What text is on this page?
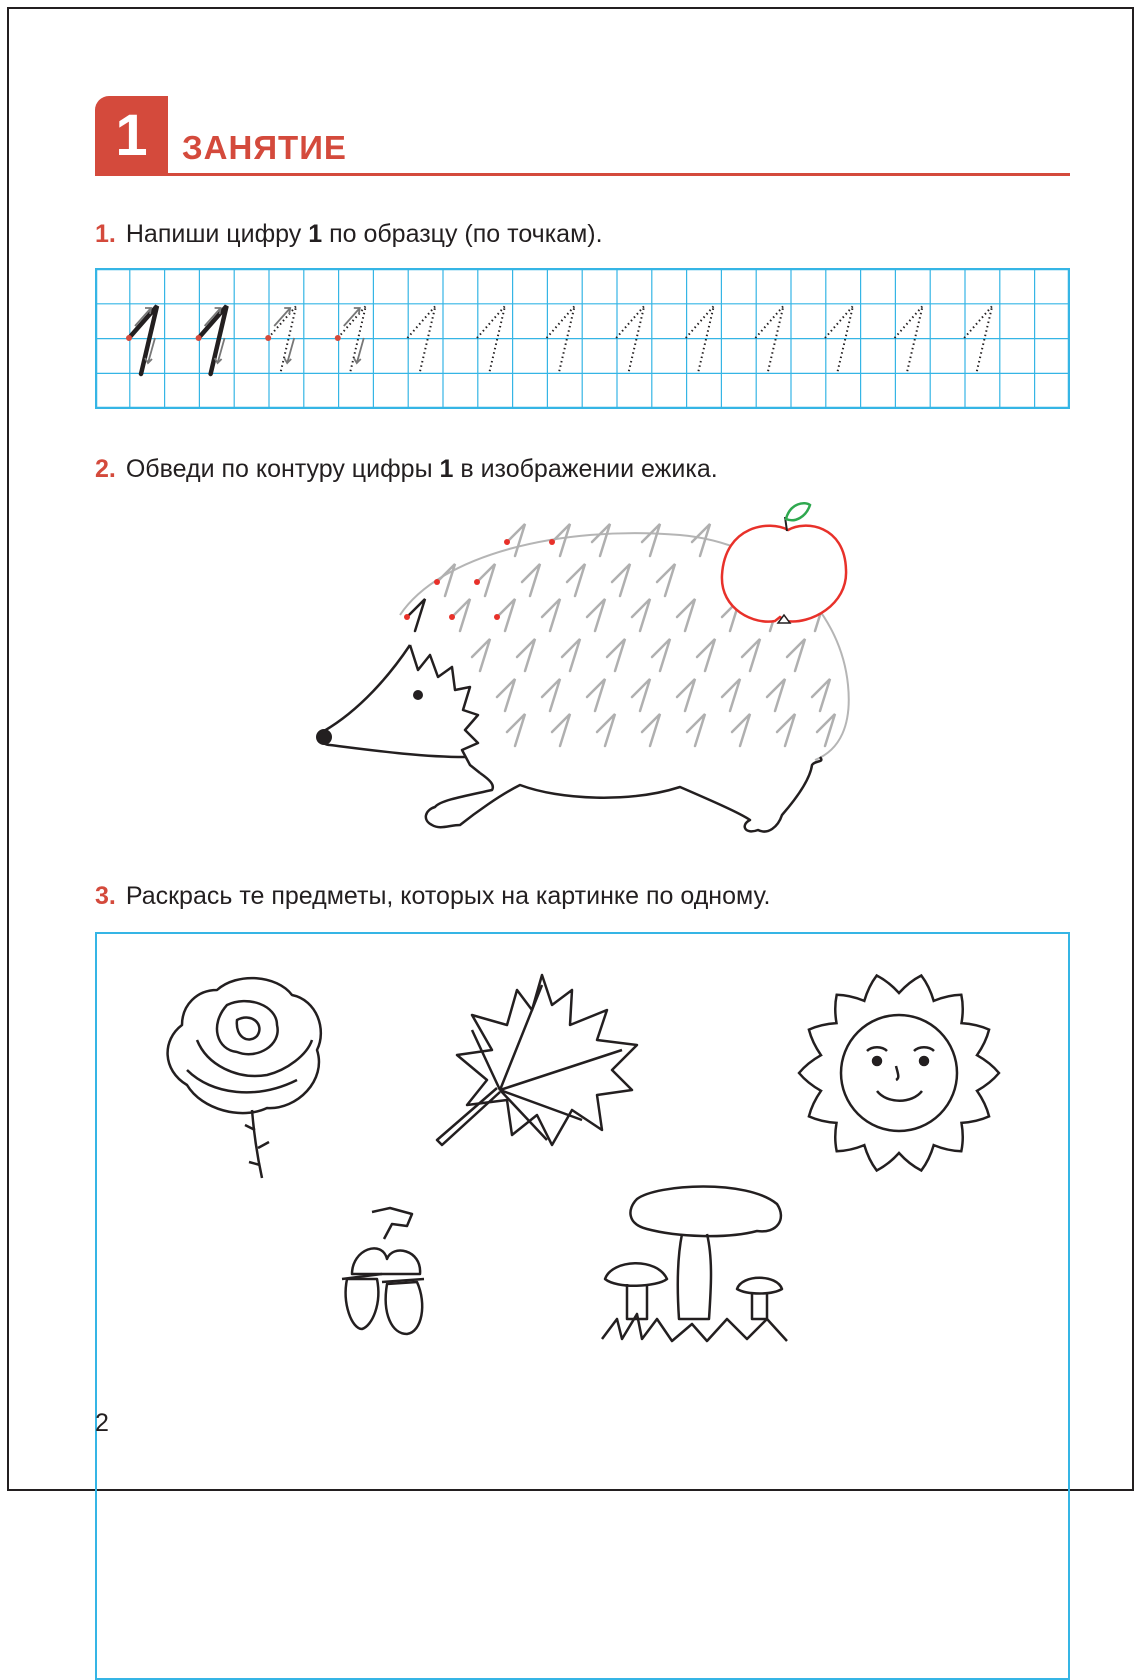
1	ЗАНЯТИЕ
1. Напиши цифру 1 по образцу (по точкам).
2. Обведи по контуру цифры 1 в изображении ежика.
3. Раскрась те предметы, которых на картинке по одному.
2
